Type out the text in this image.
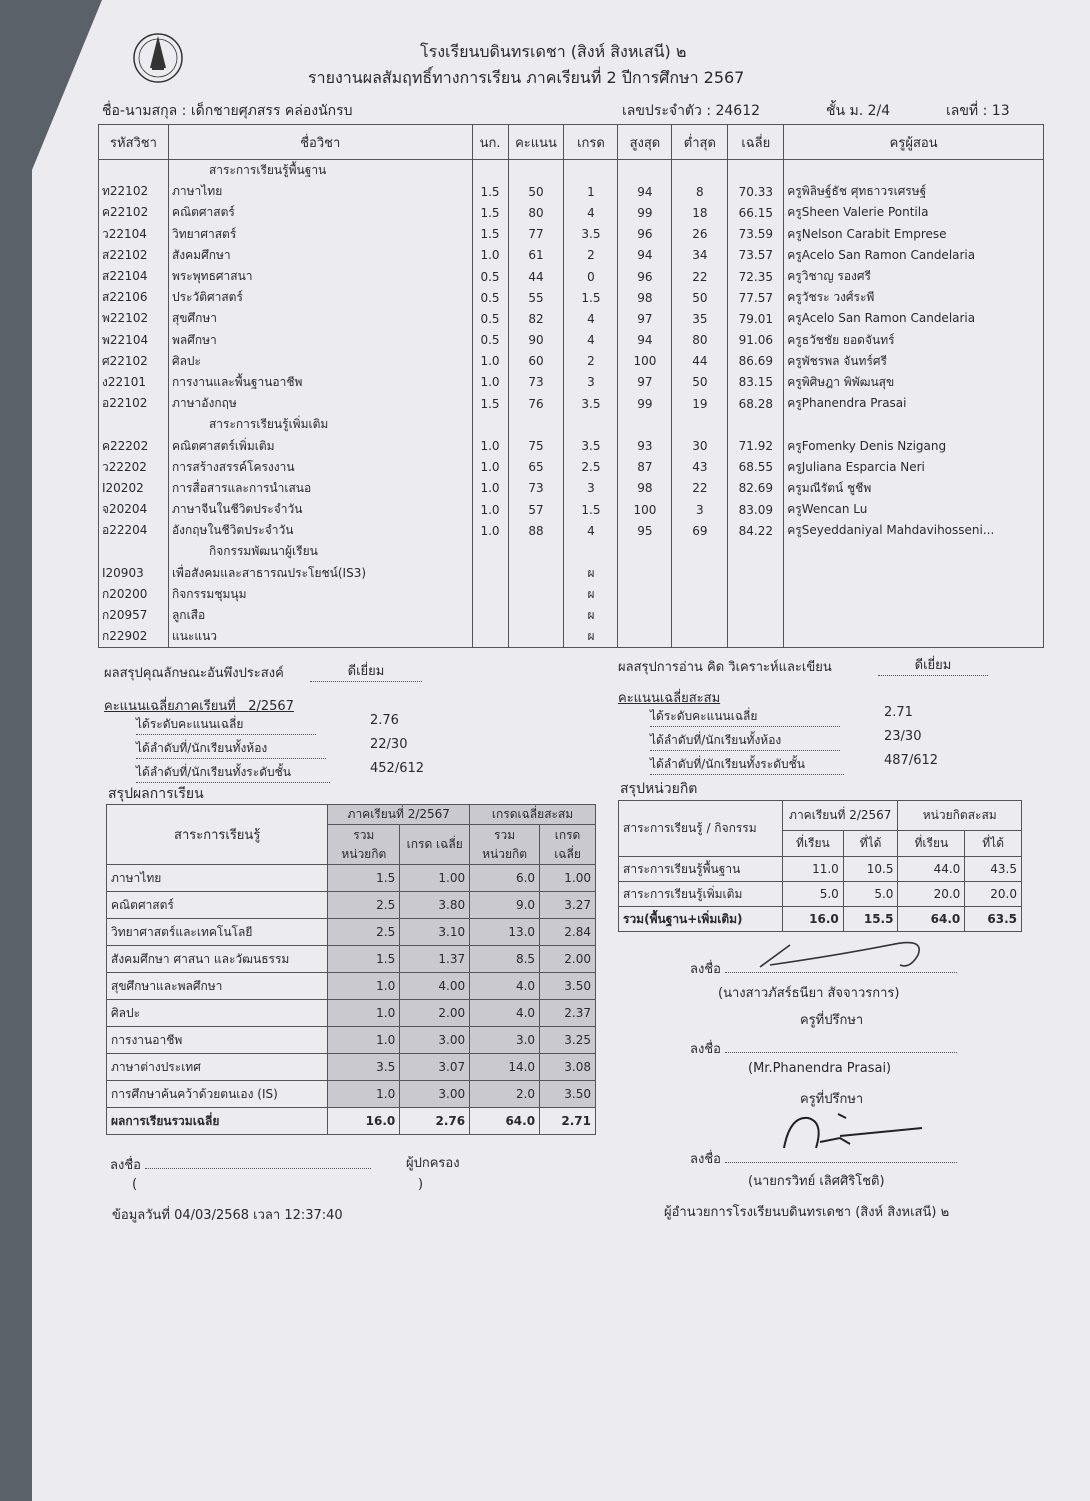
โรงเรียนบดินทรเดชา (สิงห์ สิงหเสนี) ๒
รายงานผลสัมฤทธิ์ทางการเรียน ภาคเรียนที่ 2 ปีการศึกษา 2567
ชื่อ-นามสกุล : เด็กชายศุภสรร คล่องนักรบ	เลขประจำตัว : 24612	ชั้น ม. 2/4	เลขที่ : 13
รหัสวิชา	ชื่อวิชา	นก.	คะแนน	เกรด	สูงสุด	ต่ำสุด	เฉลี่ย	ครูผู้สอน
	สาระการเรียนรู้พื้นฐาน							
ท22102	ภาษาไทย	1.5	50	1	94	8	70.33	ครูพิลิษฐ์ธัช ศุทธาวรเศรษฐ์
ค22102	คณิตศาสตร์	1.5	80	4	99	18	66.15	ครูSheen Valerie Pontila
ว22104	วิทยาศาสตร์	1.5	77	3.5	96	26	73.59	ครูNelson Carabit Emprese
ส22102	สังคมศึกษา	1.0	61	2	94	34	73.57	ครูAcelo San Ramon Candelaria
ส22104	พระพุทธศาสนา	0.5	44	0	96	22	72.35	ครูวิชาญ รองศรี
ส22106	ประวัติศาสตร์	0.5	55	1.5	98	50	77.57	ครูวัชระ วงศ์ระพี
พ22102	สุขศึกษา	0.5	82	4	97	35	79.01	ครูAcelo San Ramon Candelaria
พ22104	พลศึกษา	0.5	90	4	94	80	91.06	ครูธวัชชัย ยอดจันทร์
ศ22102	ศิลปะ	1.0	60	2	100	44	86.69	ครูพัชรพล จันทร์ศรี
ง22101	การงานและพื้นฐานอาชีพ	1.0	73	3	97	50	83.15	ครูพิศิษฎา พิพัฒนสุข
อ22102	ภาษาอังกฤษ	1.5	76	3.5	99	19	68.28	ครูPhanendra Prasai
	สาระการเรียนรู้เพิ่มเติม							
ค22202	คณิตศาสตร์เพิ่มเติม	1.0	75	3.5	93	30	71.92	ครูFomenky Denis Nzigang
ว22202	การสร้างสรรค์โครงงาน	1.0	65	2.5	87	43	68.55	ครูJuliana Esparcia Neri
I20202	การสื่อสารและการนำเสนอ	1.0	73	3	98	22	82.69	ครูมณีรัตน์ ชูชีพ
จ20204	ภาษาจีนในชีวิตประจำวัน	1.0	57	1.5	100	3	83.09	ครูWencan Lu
อ22204	อังกฤษในชีวิตประจำวัน	1.0	88	4	95	69	84.22	ครูSeyeddaniyal Mahdavihosseni...
	กิจกรรมพัฒนาผู้เรียน							
I20903	เพื่อสังคมและสาธารณประโยชน์(IS3)			ผ				
ก20200	กิจกรรมชุมนุม			ผ				
ก20957	ลูกเสือ			ผ				
ก22902	แนะแนว			ผ				
ผลสรุปคุณลักษณะอันพึงประสงค์	ดีเยี่ยม	ผลสรุปการอ่าน คิด วิเคราะห์และเขียน	ดีเยี่ยม
คะแนนเฉลี่ยภาคเรียนที่ 2/2567
ได้ระดับคะแนนเฉลี่ย	2.76
ได้ลำดับที่/นักเรียนทั้งห้อง	22/30
ได้ลำดับที่/นักเรียนทั้งระดับชั้น	452/612
คะแนนเฉลี่ยสะสม
ได้ระดับคะแนนเฉลี่ย	2.71
ได้ลำดับที่/นักเรียนทั้งห้อง	23/30
ได้ลำดับที่/นักเรียนทั้งระดับชั้น	487/612
สรุปผลการเรียน
สาระการเรียนรู้	ภาคเรียนที่ 2/2567		เกรดเฉลี่ยสะสม	
	รวม หน่วยกิต	เกรด เฉลี่ย	รวม หน่วยกิต	เกรด เฉลี่ย
ภาษาไทย	1.5	1.00	6.0	1.00
คณิตศาสตร์	2.5	3.80	9.0	3.27
วิทยาศาสตร์และเทคโนโลยี	2.5	3.10	13.0	2.84
สังคมศึกษา ศาสนา และวัฒนธรรม	1.5	1.37	8.5	2.00
สุขศึกษาและพลศึกษา	1.0	4.00	4.0	3.50
ศิลปะ	1.0	2.00	4.0	2.37
การงานอาชีพ	1.0	3.00	3.0	3.25
ภาษาต่างประเทศ	3.5	3.07	14.0	3.08
การศึกษาค้นคว้าด้วยตนเอง (IS)	1.0	3.00	2.0	3.50
ผลการเรียนรวมเฉลี่ย	16.0	2.76	64.0	2.71
สรุปหน่วยกิต
สาระการเรียนรู้ / กิจกรรม	ภาคเรียนที่ 2/2567		หน่วยกิตสะสม	
	ที่เรียน	ที่ได้	ที่เรียน	ที่ได้
สาระการเรียนรู้พื้นฐาน	11.0	10.5	44.0	43.5
สาระการเรียนรู้เพิ่มเติม	5.0	5.0	20.0	20.0
รวม(พื้นฐาน+เพิ่มเติม)	16.0	15.5	64.0	63.5
ลงชื่อ
(นางสาวภัสร์ธนียา สัจจาวรการ)
ครูที่ปรึกษา
ลงชื่อ
(Mr.Phanendra Prasai)
ครูที่ปรึกษา
ลงชื่อ
(นายกรวิทย์ เลิศศิริโชติ)
ผู้อำนวยการโรงเรียนบดินทรเดชา (สิงห์ สิงหเสนี) ๒
ลงชื่อ	ผู้ปกครอง
(	)
ข้อมูลวันที่ 04/03/2568 เวลา 12:37:40
